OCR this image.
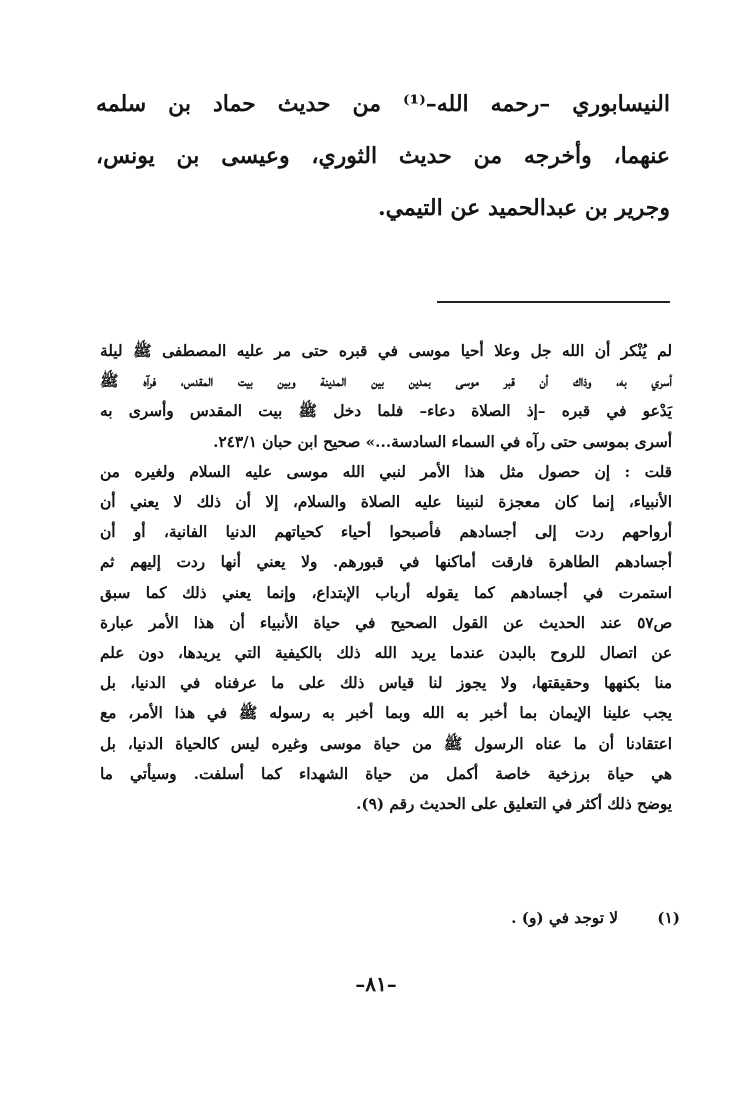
النيسابوري –رحمه الله–⁽¹⁾ من حديث حماد بن سلمه
عنهما، وأخرجه من حديث الثوري، وعيسى بن يونس،
وجرير بن عبدالحميد عن التيمي.
لم يُنْكر أن الله جل وعلا أحيا موسى في قبره حتى مر عليه المصطفى ﷺ ليلة
أسري به، وذاك أن قبر موسى بمدين بين المدينة وبين بيت المقدس، فرآه ﷺ
يَدْعو في قبره –إذ الصلاة دعاء– فلما دخل ﷺ بيت المقدس وأسرى به
أسرى بموسى حتى رآه في السماء السادسة...» صحيح ابن حبان ٢٤٣/١.
قلت : إن حصول مثل هذا الأمر لنبي الله موسى عليه السلام ولغيره من
الأنبياء، إنما كان معجزة لنبينا عليه الصلاة والسلام، إلا أن ذلك لا يعني أن
أرواحهم ردت إلى أجسادهم فأصبحوا أحياء كحياتهم الدنيا الفانية، أو أن
أجسادهم الطاهرة فارقت أماكنها في قبورهم. ولا يعني أنها ردت إليهم ثم
استمرت في أجسادهم كما يقوله أرباب الإبتداع، وإنما يعني ذلك كما سبق
ص٥٧ عند الحديث عن القول الصحيح في حياة الأنبياء أن هذا الأمر عبارة
عن اتصال للروح بالبدن عندما يريد الله ذلك بالكيفية التي يريدها، دون علم
منا بكنهها وحقيقتها، ولا يجوز لنا قياس ذلك على ما عرفناه في الدنيا، بل
يجب علينا الإيمان بما أخبر به الله وبما أخبر به رسوله ﷺ في هذا الأمر، مع
اعتقادنا أن ما عناه الرسول ﷺ من حياة موسى وغيره ليس كالحياة الدنيا، بل
هي حياة برزخية خاصة أكمل من حياة الشهداء كما أسلفت. وسيأتي ما
يوضح ذلك أكثر في التعليق على الحديث رقم (٩).
(١)
لا توجد في (و) .
–٨١–
